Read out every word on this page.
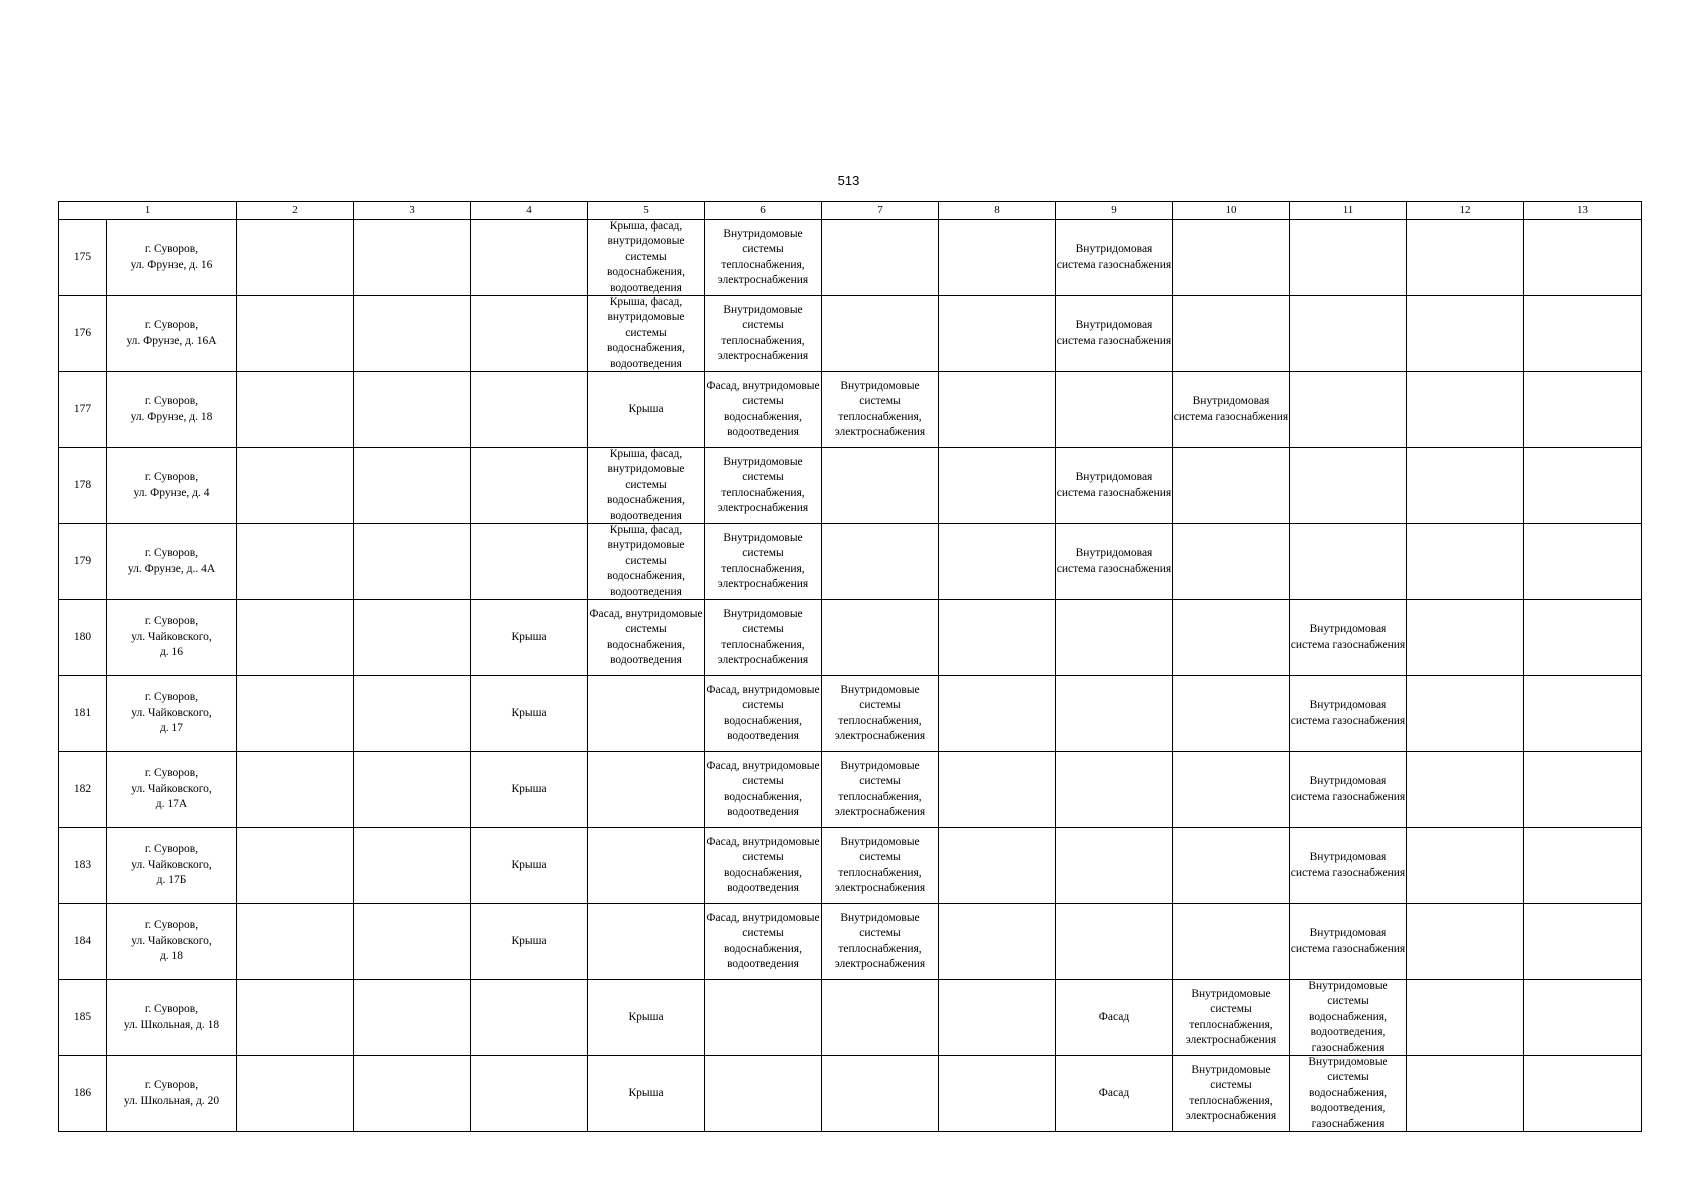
513
1		2	3	4	5	6	7	8	9	10	11	12	13

175	г. Суворов,
ул. Фрунзе, д. 16				Крыша, фасад, внутридомовые системы водоснабжения, водоотведения	Внутридомовые системы теплоснабжения, электроснабжения			Внутридомовая система газоснабжения				

176	г. Суворов,
ул. Фрунзе, д. 16А				Крыша, фасад, внутридомовые системы водоснабжения, водоотведения	Внутридомовые системы теплоснабжения, электроснабжения			Внутридомовая система газоснабжения				

177	г. Суворов,
ул. Фрунзе, д. 18				Крыша	Фасад, внутридомовые системы водоснабжения, водоотведения	Внутридомовые системы теплоснабжения, электроснабжения			Внутридомовая система газоснабжения			

178	г. Суворов,
ул. Фрунзе, д. 4				Крыша, фасад, внутридомовые системы водоснабжения, водоотведения	Внутридомовые системы теплоснабжения, электроснабжения			Внутридомовая система газоснабжения				

179	г. Суворов,
ул. Фрунзе, д.. 4А				Крыша, фасад, внутридомовые системы водоснабжения, водоотведения	Внутридомовые системы теплоснабжения, электроснабжения			Внутридомовая система газоснабжения				

180	г. Суворов,
ул. Чайковского,
д. 16			Крыша	Фасад, внутридомовые системы водоснабжения, водоотведения	Внутридомовые системы теплоснабжения, электроснабжения					Внутридомовая система газоснабжения		

181	г. Суворов,
ул. Чайковского,
д. 17			Крыша		Фасад, внутридомовые системы водоснабжения, водоотведения	Внутридомовые системы теплоснабжения, электроснабжения				Внутридомовая система газоснабжения		

182	г. Суворов,
ул. Чайковского,
д. 17А			Крыша		Фасад, внутридомовые системы водоснабжения, водоотведения	Внутридомовые системы теплоснабжения, электроснабжения				Внутридомовая система газоснабжения		

183	г. Суворов,
ул. Чайковского,
д. 17Б			Крыша		Фасад, внутридомовые системы водоснабжения, водоотведения	Внутридомовые системы теплоснабжения, электроснабжения				Внутридомовая система газоснабжения		

184	г. Суворов,
ул. Чайковского,
д. 18			Крыша		Фасад, внутридомовые системы водоснабжения, водоотведения	Внутридомовые системы теплоснабжения, электроснабжения				Внутридомовая система газоснабжения		

185	г. Суворов,
ул. Школьная, д. 18				Крыша				Фасад	Внутридомовые системы теплоснабжения, электроснабжения	Внутридомовые системы водоснабжения, водоотведения, газоснабжения		

186	г. Суворов,
ул. Школьная, д. 20				Крыша				Фасад	Внутридомовые системы теплоснабжения, электроснабжения	Внутридомовые системы водоснабжения, водоотведения, газоснабжения		
